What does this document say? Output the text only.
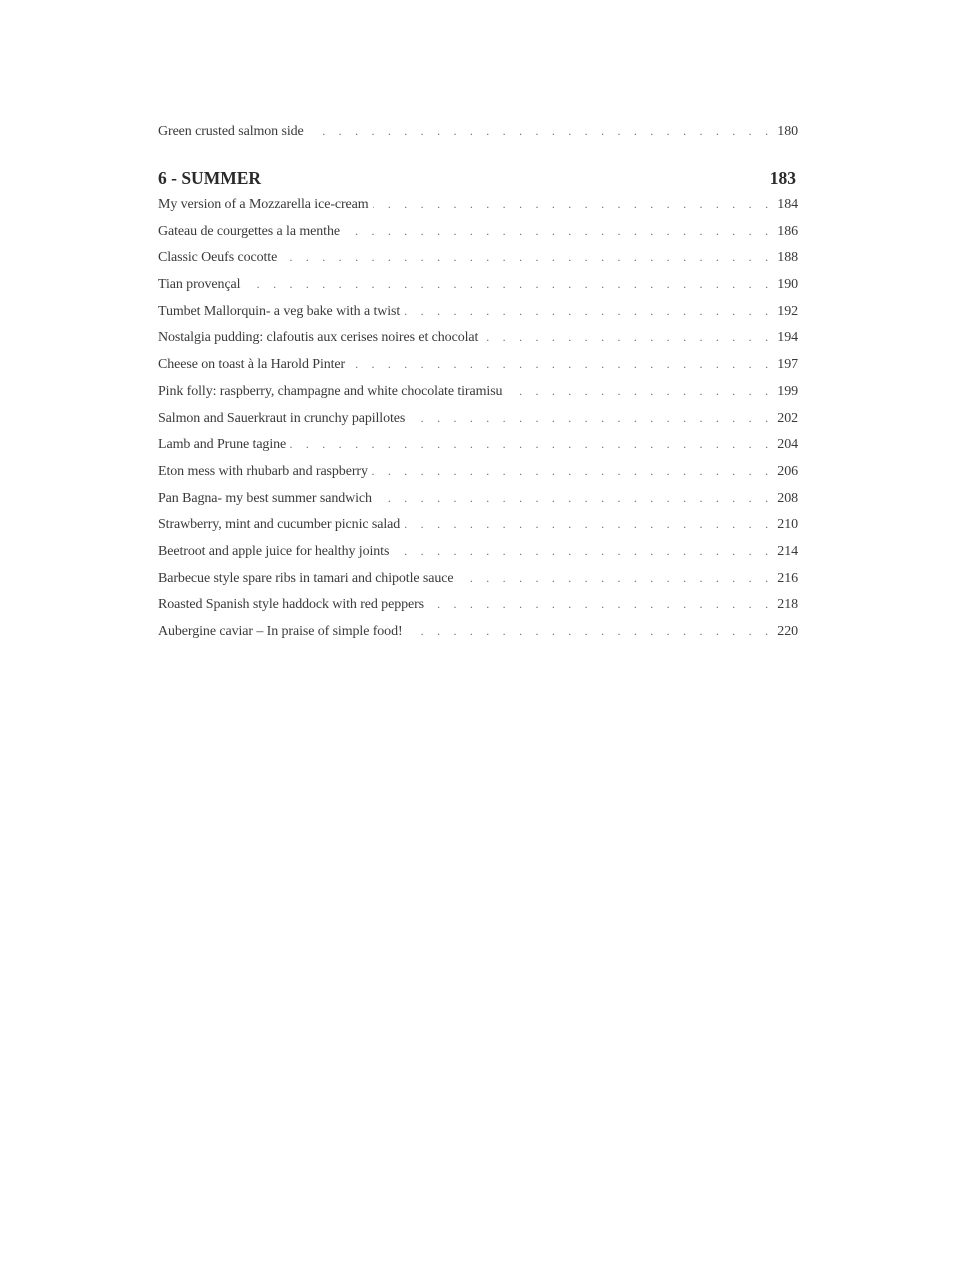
Green crusted salmon side . . .	180
6 - SUMMER	183
My version of a Mozzarella ice-cream . . .	184
Gateau de courgettes a la menthe . . .	186
Classic Oeufs cocotte . . .	188
Tian provençal . . .	190
Tumbet Mallorquin- a veg bake with a twist . . .	192
Nostalgia pudding: clafoutis aux cerises noires et chocolat . . .	194
Cheese on toast à la Harold Pinter . . .	197
Pink folly: raspberry, champagne and white chocolate tiramisu . . .	199
Salmon and Sauerkraut in crunchy papillotes . . .	202
Lamb and Prune tagine . . .	204
Eton mess with rhubarb and raspberry . . .	206
Pan Bagna- my best summer sandwich . . .	208
Strawberry, mint and cucumber picnic salad . . .	210
Beetroot and apple juice for healthy joints . . .	214
Barbecue style spare ribs in tamari and chipotle sauce . . .	216
Roasted Spanish style haddock with red peppers . . .	218
Aubergine caviar – In praise of simple food! . . .	220
